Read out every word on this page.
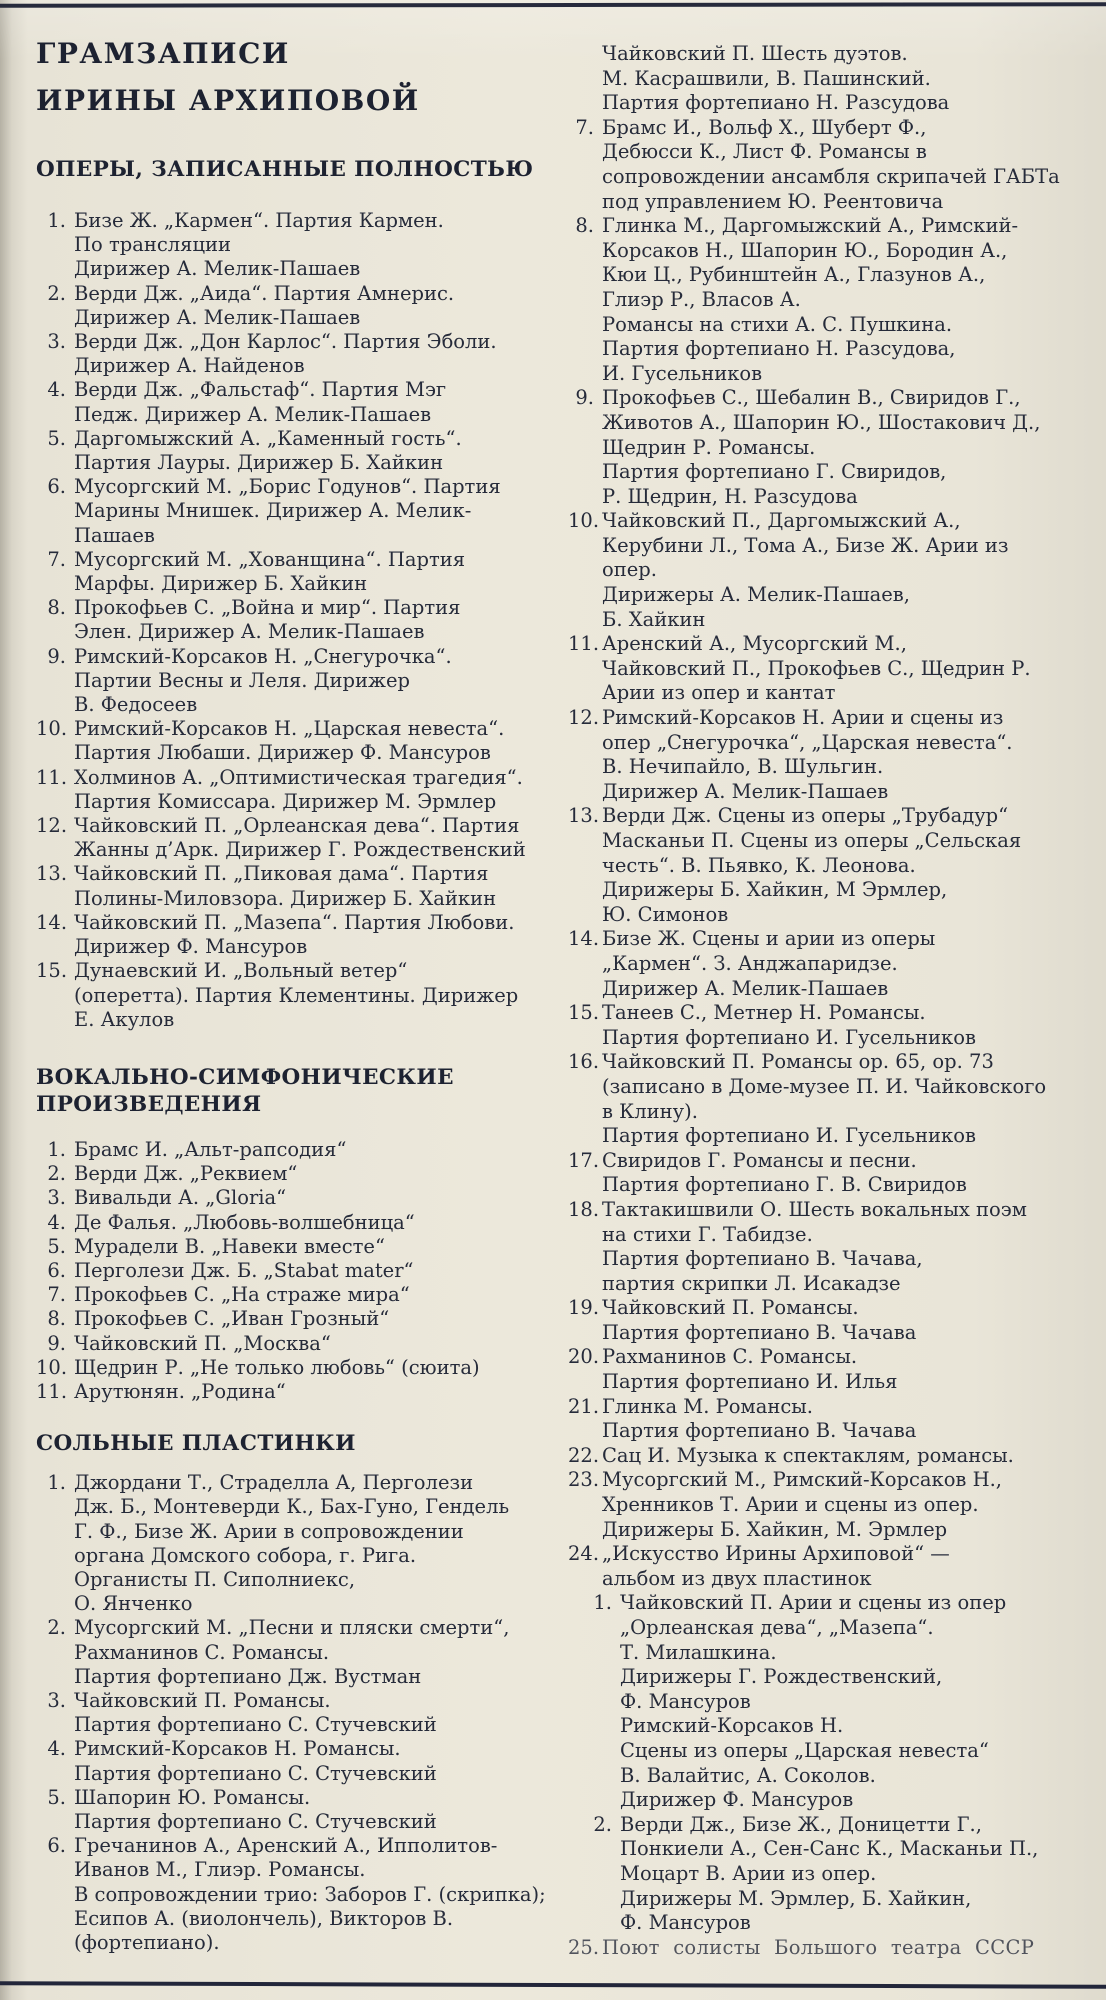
ГРАМЗАПИСИ
ИРИНЫ АРХИПОВОЙ
ОПЕРЫ, ЗАПИСАННЫЕ ПОЛНОСТЬЮ
1. Бизе Ж. „Кармен“. Партия Кармен.
По трансляции
Дирижер А. Мелик-Пашаев
2. Верди Дж. „Аида“. Партия Амнерис.
Дирижер А. Мелик-Пашаев
3. Верди Дж. „Дон Карлос“. Партия Эболи.
Дирижер А. Найденов
4. Верди Дж. „Фальстаф“. Партия Мэг
Педж. Дирижер А. Мелик-Пашаев
5. Даргомыжский А. „Каменный гость“.
Партия Лауры. Дирижер Б. Хайкин
6. Мусоргский М. „Борис Годунов“. Партия
Марины Мнишек. Дирижер А. Мелик-
Пашаев
7. Мусоргский М. „Хованщина“. Партия
Марфы. Дирижер Б. Хайкин
8. Прокофьев С. „Война и мир“. Партия
Элен. Дирижер А. Мелик-Пашаев
9. Римский-Корсаков Н. „Снегурочка“.
Партии Весны и Леля. Дирижер
В. Федосеев
10. Римский-Корсаков Н. „Царская невеста“.
Партия Любаши. Дирижер Ф. Мансуров
11. Холминов А. „Оптимистическая трагедия“.
Партия Комиссара. Дирижер М. Эрмлер
12. Чайковский П. „Орлеанская дева“. Партия
Жанны д’Арк. Дирижер Г. Рождественский
13. Чайковский П. „Пиковая дама“. Партия
Полины-Миловзора. Дирижер Б. Хайкин
14. Чайковский П. „Мазепа“. Партия Любови.
Дирижер Ф. Мансуров
15. Дунаевский И. „Вольный ветер“
(оперетта). Партия Клементины. Дирижер
Е. Акулов
ВОКАЛЬНО-СИМФОНИЧЕСКИЕ
ПРОИЗВЕДЕНИЯ
1. Брамс И. „Альт-рапсодия“
2. Верди Дж. „Реквием“
3. Вивальди А. „Gloria“
4. Де Фалья. „Любовь-волшебница“
5. Мурадели В. „Навеки вместе“
6. Перголези Дж. Б. „Stabat mater“
7. Прокофьев С. „На страже мира“
8. Прокофьев С. „Иван Грозный“
9. Чайковский П. „Москва“
10. Щедрин Р. „Не только любовь“ (сюита)
11. Арутюнян. „Родина“
СОЛЬНЫЕ ПЛАСТИНКИ
1. Джордани Т., Страделла А, Перголези
Дж. Б., Монтеверди К., Бах-Гуно, Гендель
Г. Ф., Бизе Ж. Арии в сопровождении
органа Домского собора, г. Рига.
Органисты П. Сиполниекс,
О. Янченко
2. Мусоргский М. „Песни и пляски смерти“,
Рахманинов С. Романсы.
Партия фортепиано Дж. Вустман
3. Чайковский П. Романсы.
Партия фортепиано С. Стучевский
4. Римский-Корсаков Н. Романсы.
Партия фортепиано С. Стучевский
5. Шапорин Ю. Романсы.
Партия фортепиано С. Стучевский
6. Гречанинов А., Аренский А., Ипполитов-
Иванов М., Глиэр. Романсы.
В сопровождении трио: Заборов Г. (скрипка);
Есипов А. (виолончель), Викторов В.
(фортепиано).
Чайковский П. Шесть дуэтов.
М. Касрашвили, В. Пашинский.
Партия фортепиано Н. Разсудова
7. Брамс И., Вольф Х., Шуберт Ф.,
Дебюсси К., Лист Ф. Романсы в
сопровождении ансамбля скрипачей ГАБТа
под управлением Ю. Реентовича
8. Глинка М., Даргомыжский А., Римский-
Корсаков Н., Шапорин Ю., Бородин А.,
Кюи Ц., Рубинштейн А., Глазунов А.,
Глиэр Р., Власов А.
Романсы на стихи А. С. Пушкина.
Партия фортепиано Н. Разсудова,
И. Гусельников
9. Прокофьев С., Шебалин В., Свиридов Г.,
Животов А., Шапорин Ю., Шостакович Д.,
Щедрин Р. Романсы.
Партия фортепиано Г. Свиридов,
Р. Щедрин, Н. Разсудова
10. Чайковский П., Даргомыжский А.,
Керубини Л., Тома А., Бизе Ж. Арии из
опер.
Дирижеры А. Мелик-Пашаев,
Б. Хайкин
11. Аренский А., Мусоргский М.,
Чайковский П., Прокофьев С., Щедрин Р.
Арии из опер и кантат
12. Римский-Корсаков Н. Арии и сцены из
опер „Снегурочка“, „Царская невеста“.
В. Нечипайло, В. Шульгин.
Дирижер А. Мелик-Пашаев
13. Верди Дж. Сцены из оперы „Трубадур“
Масканьи П. Сцены из оперы „Сельская
честь“. В. Пьявко, К. Леонова.
Дирижеры Б. Хайкин, М Эрмлер,
Ю. Симонов
14. Бизе Ж. Сцены и арии из оперы
„Кармен“. З. Анджапаридзе.
Дирижер А. Мелик-Пашаев
15. Танеев С., Метнер Н. Романсы.
Партия фортепиано И. Гусельников
16. Чайковский П. Романсы ор. 65, ор. 73
(записано в Доме-музее П. И. Чайковского
в Клину).
Партия фортепиано И. Гусельников
17. Свиридов Г. Романсы и песни.
Партия фортепиано Г. В. Свиридов
18. Тактакишвили О. Шесть вокальных поэм
на стихи Г. Табидзе.
Партия фортепиано В. Чачава,
партия скрипки Л. Исакадзе
19. Чайковский П. Романсы.
Партия фортепиано В. Чачава
20. Рахманинов С. Романсы.
Партия фортепиано И. Илья
21. Глинка М. Романсы.
Партия фортепиано В. Чачава
22. Сац И. Музыка к спектаклям, романсы.
23. Мусоргский М., Римский-Корсаков Н.,
Хренников Т. Арии и сцены из опер.
Дирижеры Б. Хайкин, М. Эрмлер
24. „Искусство Ирины Архиповой“ —
альбом из двух пластинок
1. Чайковский П. Арии и сцены из опер
„Орлеанская дева“, „Мазепа“.
Т. Милашкина.
Дирижеры Г. Рождественский,
Ф. Мансуров
Римский-Корсаков Н.
Сцены из оперы „Царская невеста“
В. Валайтис, А. Соколов.
Дирижер Ф. Мансуров
2. Верди Дж., Бизе Ж., Доницетти Г.,
Понкиели А., Сен-Санс К., Масканьи П.,
Моцарт В. Арии из опер.
Дирижеры М. Эрмлер, Б. Хайкин,
Ф. Мансуров
25. Поют солисты Большого театра СССР
